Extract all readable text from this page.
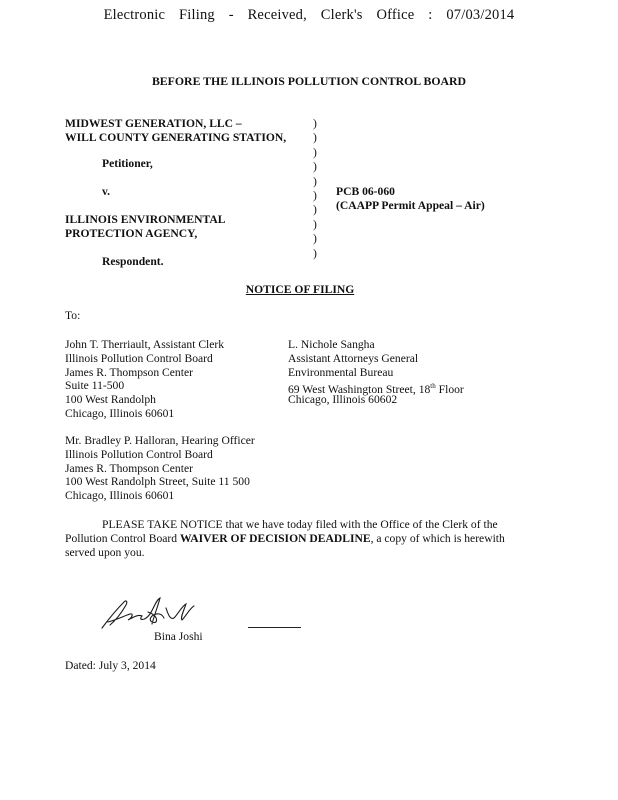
Electronic Filing - Received, Clerk's Office : 07/03/2014
BEFORE THE ILLINOIS POLLUTION CONTROL BOARD
MIDWEST GENERATION, LLC –
WILL COUNTY GENERATING STATION,
Petitioner,
v.
ILLINOIS ENVIRONMENTAL
PROTECTION AGENCY,
Respondent.
)
)
)
)
)
)
)
)
)
)
PCB 06-060
(CAAPP Permit Appeal – Air)
NOTICE OF FILING
To:
John T. Therriault, Assistant Clerk
Illinois Pollution Control Board
James R. Thompson Center
Suite 11-500
100 West Randolph
Chicago, Illinois 60601
L. Nichole Sangha
Assistant Attorneys General
Environmental Bureau
69 West Washington Street, 18th Floor
Chicago, Illinois 60602
Mr. Bradley P. Halloran, Hearing Officer
Illinois Pollution Control Board
James R. Thompson Center
100 West Randolph Street, Suite 11 500
Chicago, Illinois 60601
PLEASE TAKE NOTICE that we have today filed with the Office of the Clerk of the Pollution Control Board WAIVER OF DECISION DEADLINE, a copy of which is herewith served upon you.
Bina Joshi
Dated: July 3, 2014
